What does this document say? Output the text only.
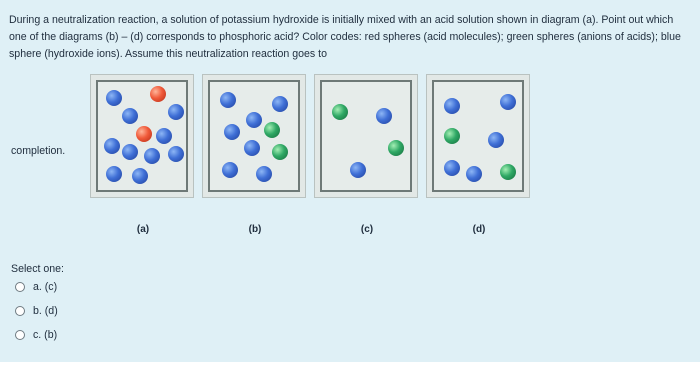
During a neutralization reaction, a solution of potassium hydroxide is initially mixed with an acid solution shown in diagram (a). Point out which one of the diagrams (b) – (d) corresponds to phosphoric acid? Color codes: red spheres (acid molecules); green spheres (anions of acids); blue sphere (hydroxide ions). Assume this neutralization reaction goes to
completion.
(a)	(b)	(c)	(d)
Select one:
a. (c)
b. (d)
c. (b)
